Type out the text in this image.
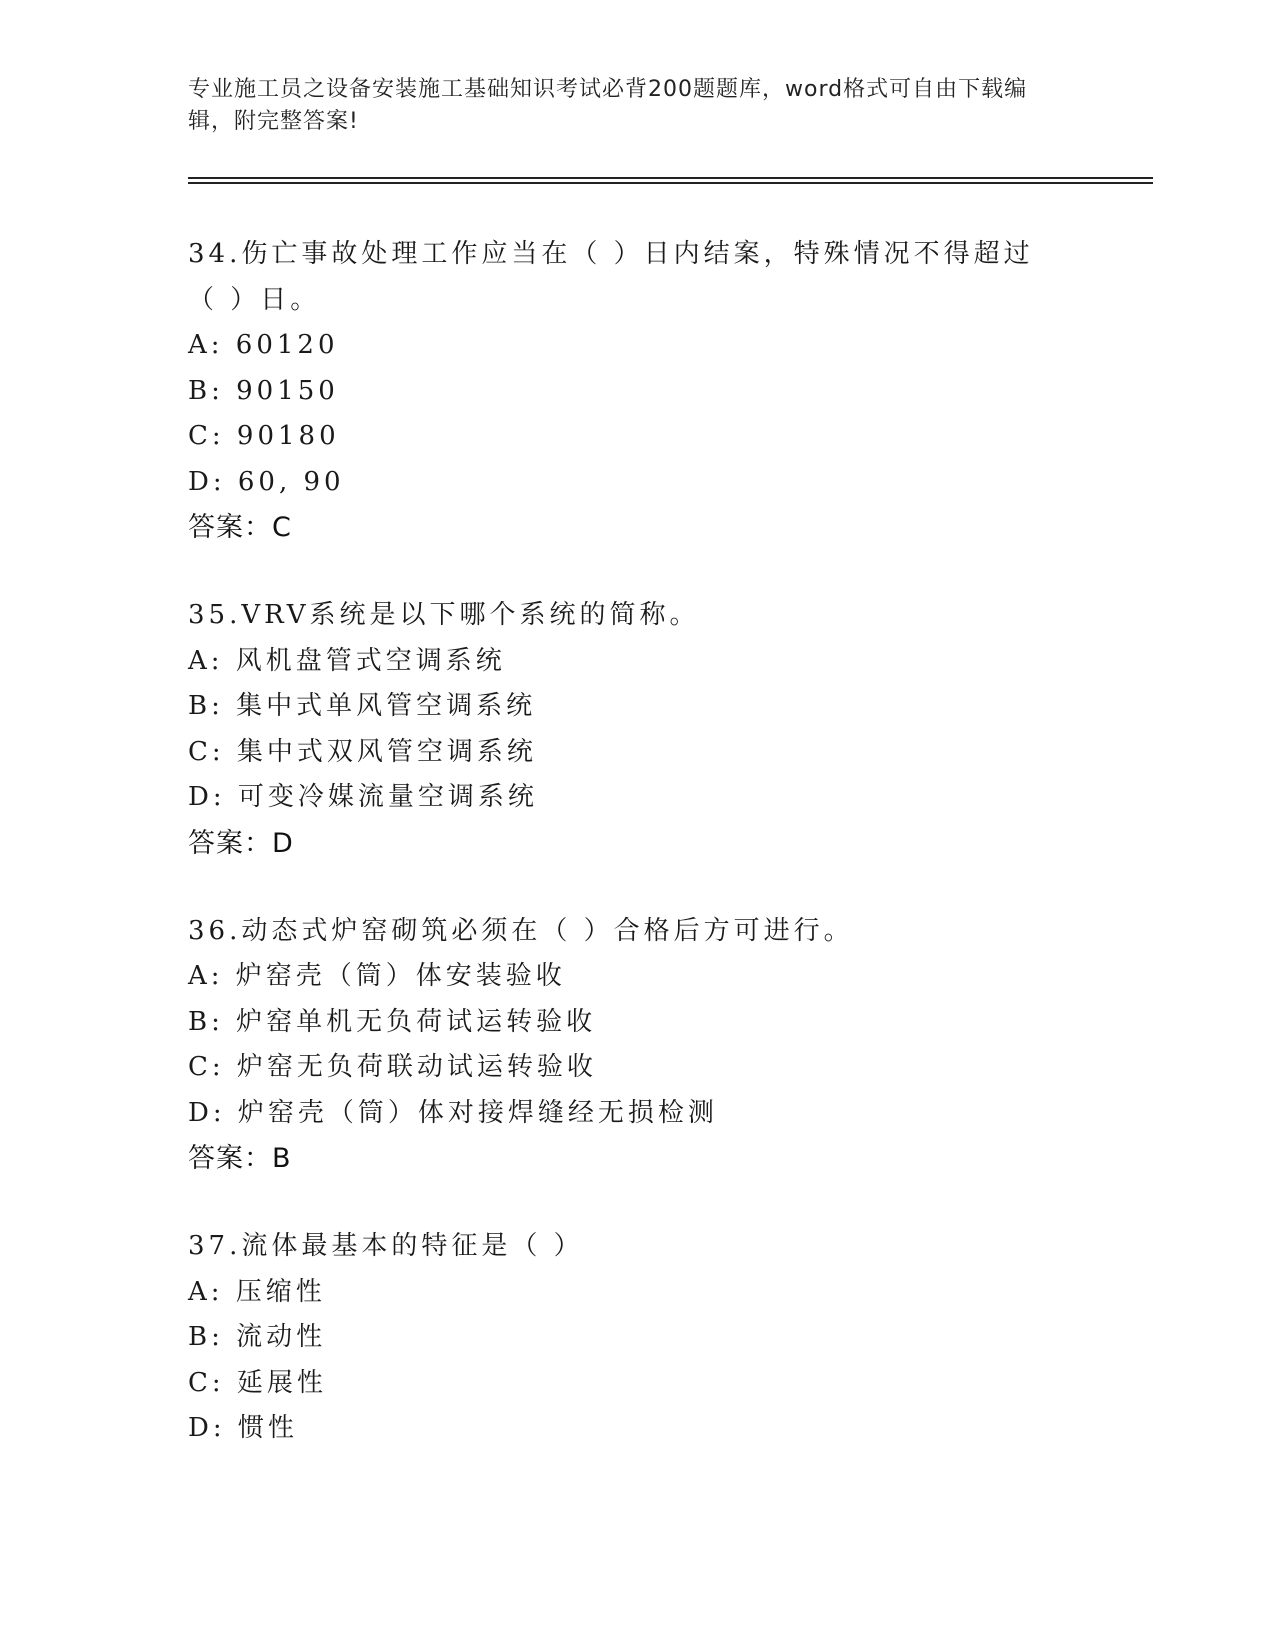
专业施工员之设备安装施工基础知识考试必背200题题库，word格式可自由下载编辑，附完整答案!
34.伤亡事故处理工作应当在（ ）日内结案，特殊情况不得超过（ ）日。
A: 60120
B: 90150
C: 90180
D: 60, 90
答案：C
35.VRV系统是以下哪个系统的简称。
A: 风机盘管式空调系统
B: 集中式单风管空调系统
C: 集中式双风管空调系统
D: 可变冷媒流量空调系统
答案：D
36.动态式炉窑砌筑必须在（ ）合格后方可进行。
A: 炉窑壳（筒）体安装验收
B: 炉窑单机无负荷试运转验收
C: 炉窑无负荷联动试运转验收
D: 炉窑壳（筒）体对接焊缝经无损检测
答案：B
37.流体最基本的特征是（ ）
A: 压缩性
B: 流动性
C: 延展性
D: 惯性
